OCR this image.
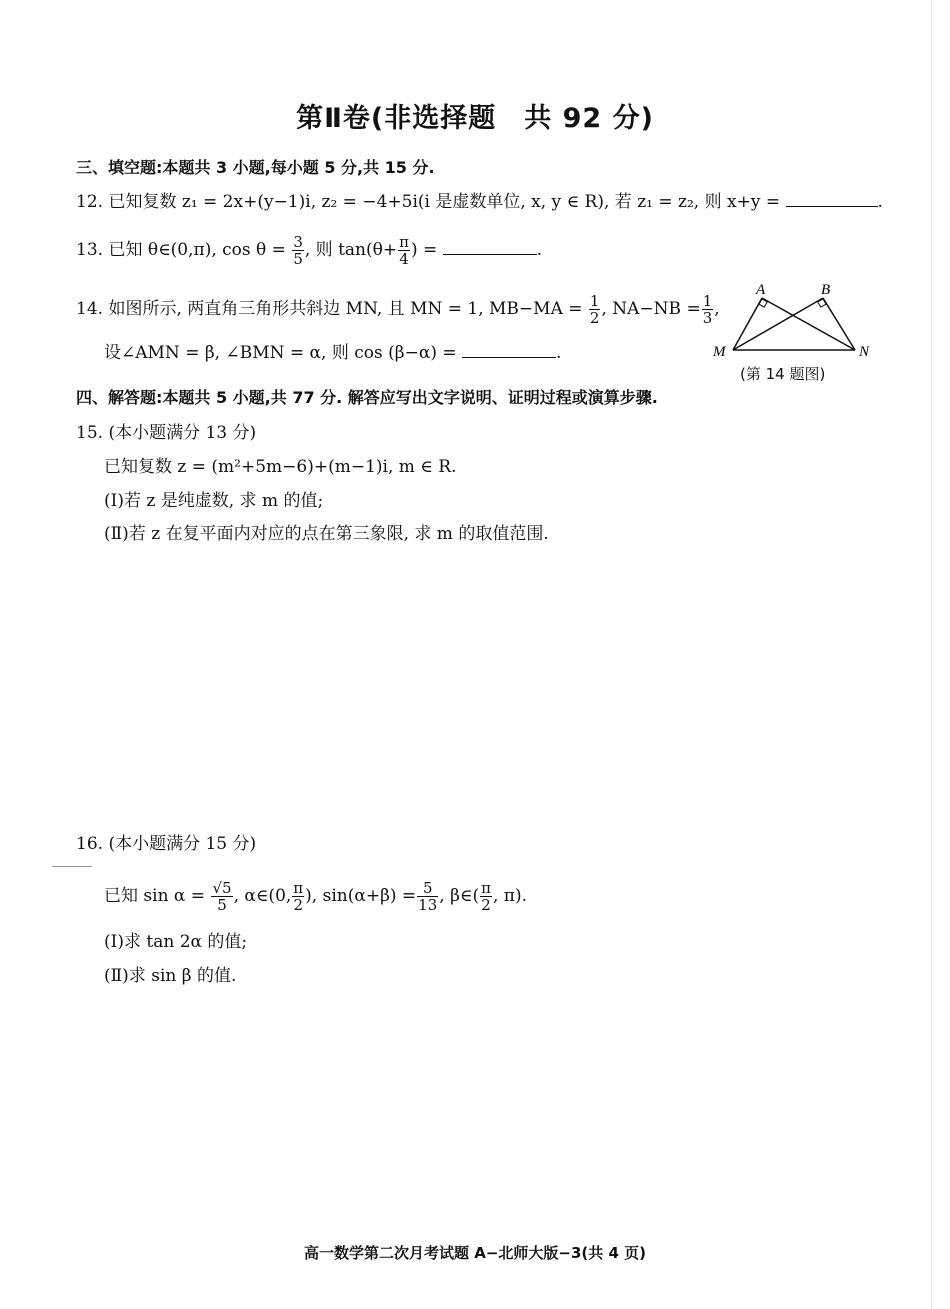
第Ⅱ卷(非选择题　共 92 分)
三、填空题:本题共 3 小题,每小题 5 分,共 15 分.
12. 已知复数 z₁ = 2x+(y−1)i, z₂ = −4+5i(i 是虚数单位, x, y ∈ R), 若 z₁ = z₂, 则 x+y =	.
13. 已知 θ∈(0,π), $\cos \theta = \frac{3}{5}$ , 则 $\tan(\theta+ \frac{\pi}{4}$ ) =	.
14. 如图所示, 两直角三角形共斜边 MN, 且 MN = 1, $MB-MA = \frac{1}{2}$ , $NA-NB = \frac{1}{3}$ ,
设∠AMN = β, ∠BMN = α, 则 cos (β−α) =	.
A	B
M	N
(第 14 题图)
四、解答题:本题共 5 小题,共 77 分. 解答应写出文字说明、证明过程或演算步骤.
15. (本小题满分 13 分)
已知复数 z = (m²+5m−6)+(m−1)i, m ∈ R.
(Ⅰ)若 z 是纯虚数, 求 m 的值;
(Ⅱ)若 z 在复平面内对应的点在第三象限, 求 m 的取值范围.
16. (本小题满分 15 分)
已知 $\sin \alpha = \frac{√5}{5}$ , α∈(0, $\frac{\pi}{2}$ ), $\sin(\alpha+\beta) = \frac{5}{13}$ , β∈( $\frac{\pi}{2}$ , π).
(Ⅰ)求 tan 2α 的值;
(Ⅱ)求 sin β 的值.
高一数学第二次月考试题 A−北师大版−3(共 4 页)
